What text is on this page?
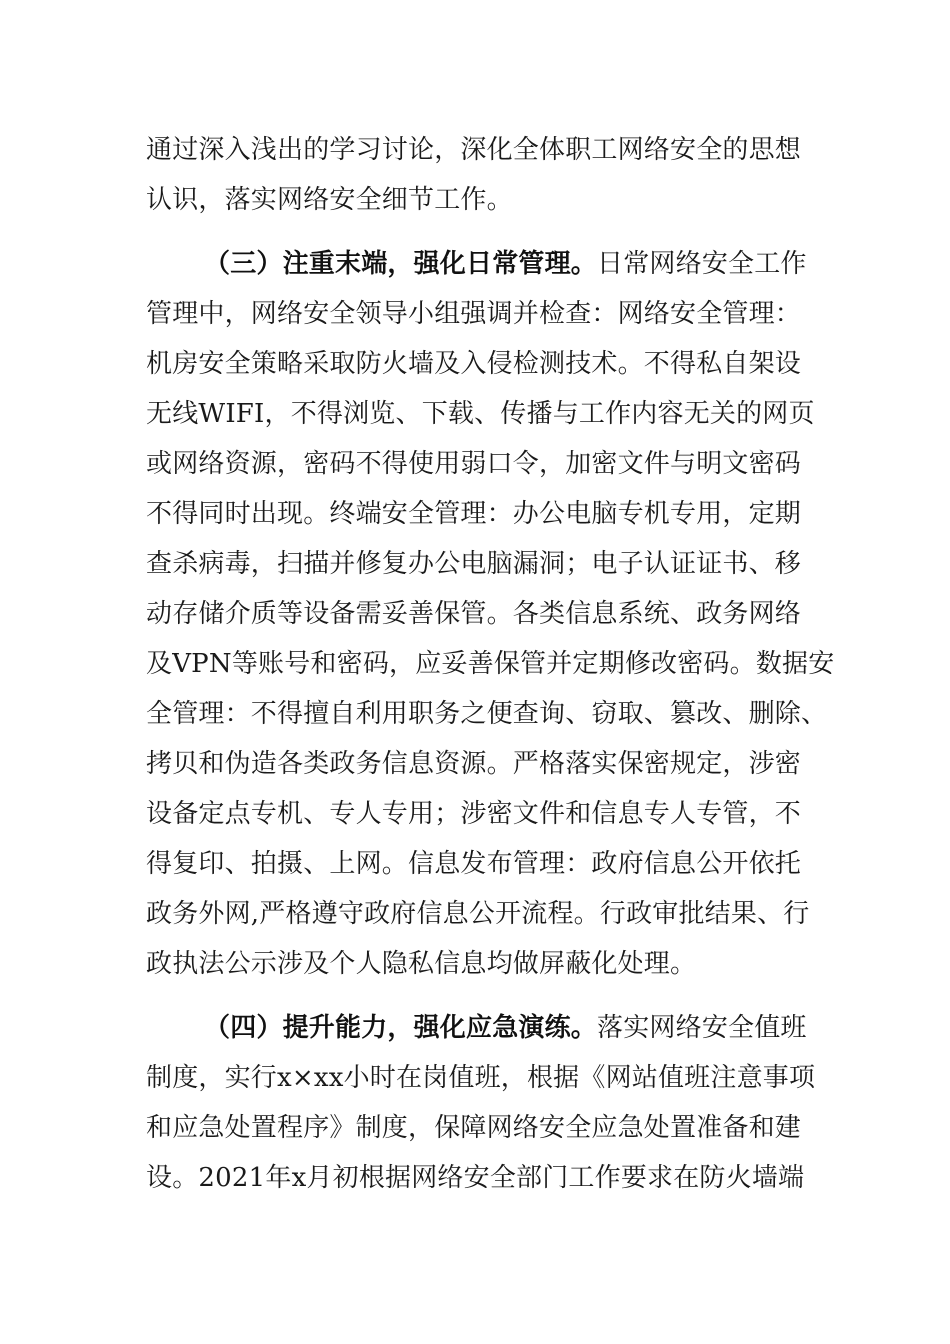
通过深入浅出的学习讨论，深化全体职工网络安全的思想
认识，落实网络安全细节工作。
（三）注重末端，强化日常管理。日常网络安全工作
管理中，网络安全领导小组强调并检查：网络安全管理：
机房安全策略采取防火墙及入侵检测技术。不得私自架设
无线WIFI，不得浏览、下载、传播与工作内容无关的网页
或网络资源，密码不得使用弱口令，加密文件与明文密码
不得同时出现。终端安全管理：办公电脑专机专用，定期
查杀病毒，扫描并修复办公电脑漏洞；电子认证证书、移
动存储介质等设备需妥善保管。各类信息系统、政务网络
及VPN等账号和密码，应妥善保管并定期修改密码。数据安
全管理：不得擅自利用职务之便查询、窃取、篡改、删除、
拷贝和伪造各类政务信息资源。严格落实保密规定，涉密
设备定点专机、专人专用；涉密文件和信息专人专管，不
得复印、拍摄、上网。信息发布管理：政府信息公开依托
政务外网,严格遵守政府信息公开流程。行政审批结果、行
政执法公示涉及个人隐私信息均做屏蔽化处理。
（四）提升能力，强化应急演练。落实网络安全值班
制度，实行x×xx小时在岗值班，根据《网站值班注意事项
和应急处置程序》制度，保障网络安全应急处置准备和建
设。2021年x月初根据网络安全部门工作要求在防火墙端
